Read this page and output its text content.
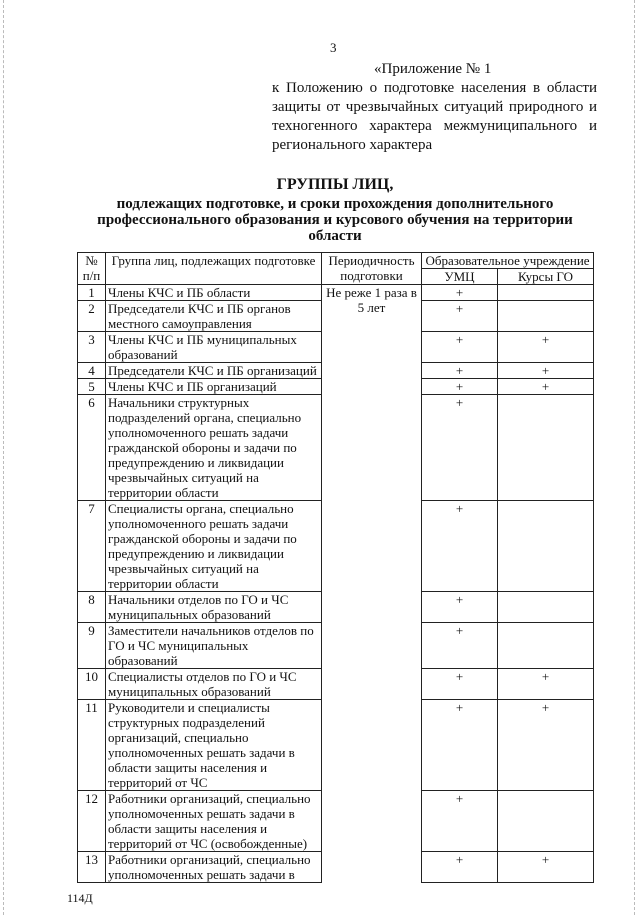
3
«Приложение № 1
к Положению о подготовке населения в области защиты от чрезвычайных ситуаций природного и техногенного характера межмуниципального и регионального характера
ГРУППЫ ЛИЦ,
подлежащих подготовке, и сроки прохождения дополнительного профессионального образования и курсового обучения на территории области
№ п/п	Группа лиц, подлежащих подготовке	Периодичность подготовки	Образовательное учреждение	
			УМЦ	Курсы ГО
1	Члены КЧС и ПБ области	Не реже 1 раза в 5 лет	+	
2	Председатели КЧС и ПБ органов местного самоуправления		+	
3	Члены КЧС и ПБ муниципальных образований		+	+
4	Председатели КЧС и ПБ организаций		+	+
5	Члены КЧС и ПБ организаций		+	+
6	Начальники структурных подразделений органа, специально уполномоченного решать задачи гражданской обороны и задачи по предупреждению и ликвидации чрезвычайных ситуаций на территории области		+	
7	Специалисты органа, специально уполномоченного решать задачи гражданской обороны и задачи по предупреждению и ликвидации чрезвычайных ситуаций на территории области		+	
8	Начальники отделов по ГО и ЧС муниципальных образований		+	
9	Заместители начальников отделов по ГО и ЧС муниципальных образований		+	
10	Специалисты отделов по ГО и ЧС муниципальных образований		+	+
11	Руководители и специалисты структурных подразделений организаций, специально уполномоченных решать задачи в области защиты населения и территорий от ЧС		+	+
12	Работники организаций, специально уполномоченных решать задачи в области защиты населения и территорий от ЧС (освобожденные)		+	
13	Работники организаций, специально уполномоченных решать задачи в		+	+
114Д
